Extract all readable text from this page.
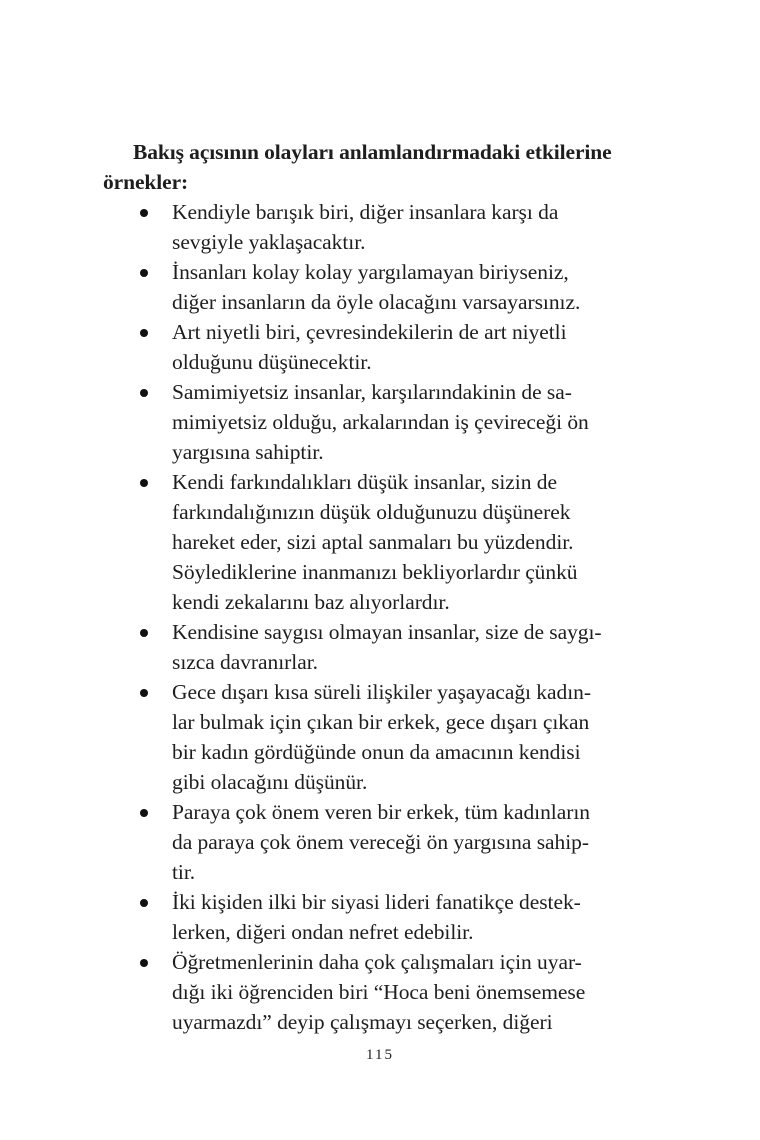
Bakış açısının olayları anlamlandırmadaki etkilerine
örnekler:

Kendiyle barışık biri, diğer insanlara karşı da
sevgiyle yaklaşacaktır.
İnsanları kolay kolay yargılamayan biriyseniz,
diğer insanların da öyle olacağını varsayarsınız.
Art niyetli biri, çevresindekilerin de art niyetli
olduğunu düşünecektir.
Samimiyetsiz insanlar, karşılarındakinin de sa-
mimiyetsiz olduğu, arkalarından iş çevireceği ön
yargısına sahiptir.
Kendi farkındalıkları düşük insanlar, sizin de
farkındalığınızın düşük olduğunuzu düşünerek
hareket eder, sizi aptal sanmaları bu yüzdendir.
Söylediklerine inanmanızı bekliyorlardır çünkü
kendi zekalarını baz alıyorlardır.
Kendisine saygısı olmayan insanlar, size de saygı-
sızca davranırlar.
Gece dışarı kısa süreli ilişkiler yaşayacağı kadın-
lar bulmak için çıkan bir erkek, gece dışarı çıkan
bir kadın gördüğünde onun da amacının kendisi
gibi olacağını düşünür.
Paraya çok önem veren bir erkek, tüm kadınların
da paraya çok önem vereceği ön yargısına sahip-
tir.
İki kişiden ilki bir siyasi lideri fanatikçe destek-
lerken, diğeri ondan nefret edebilir.
Öğretmenlerinin daha çok çalışmaları için uyar-
dığı iki öğrenciden biri “Hoca beni önemsemese
uyarmazdı” deyip çalışmayı seçerken, diğeri
115
